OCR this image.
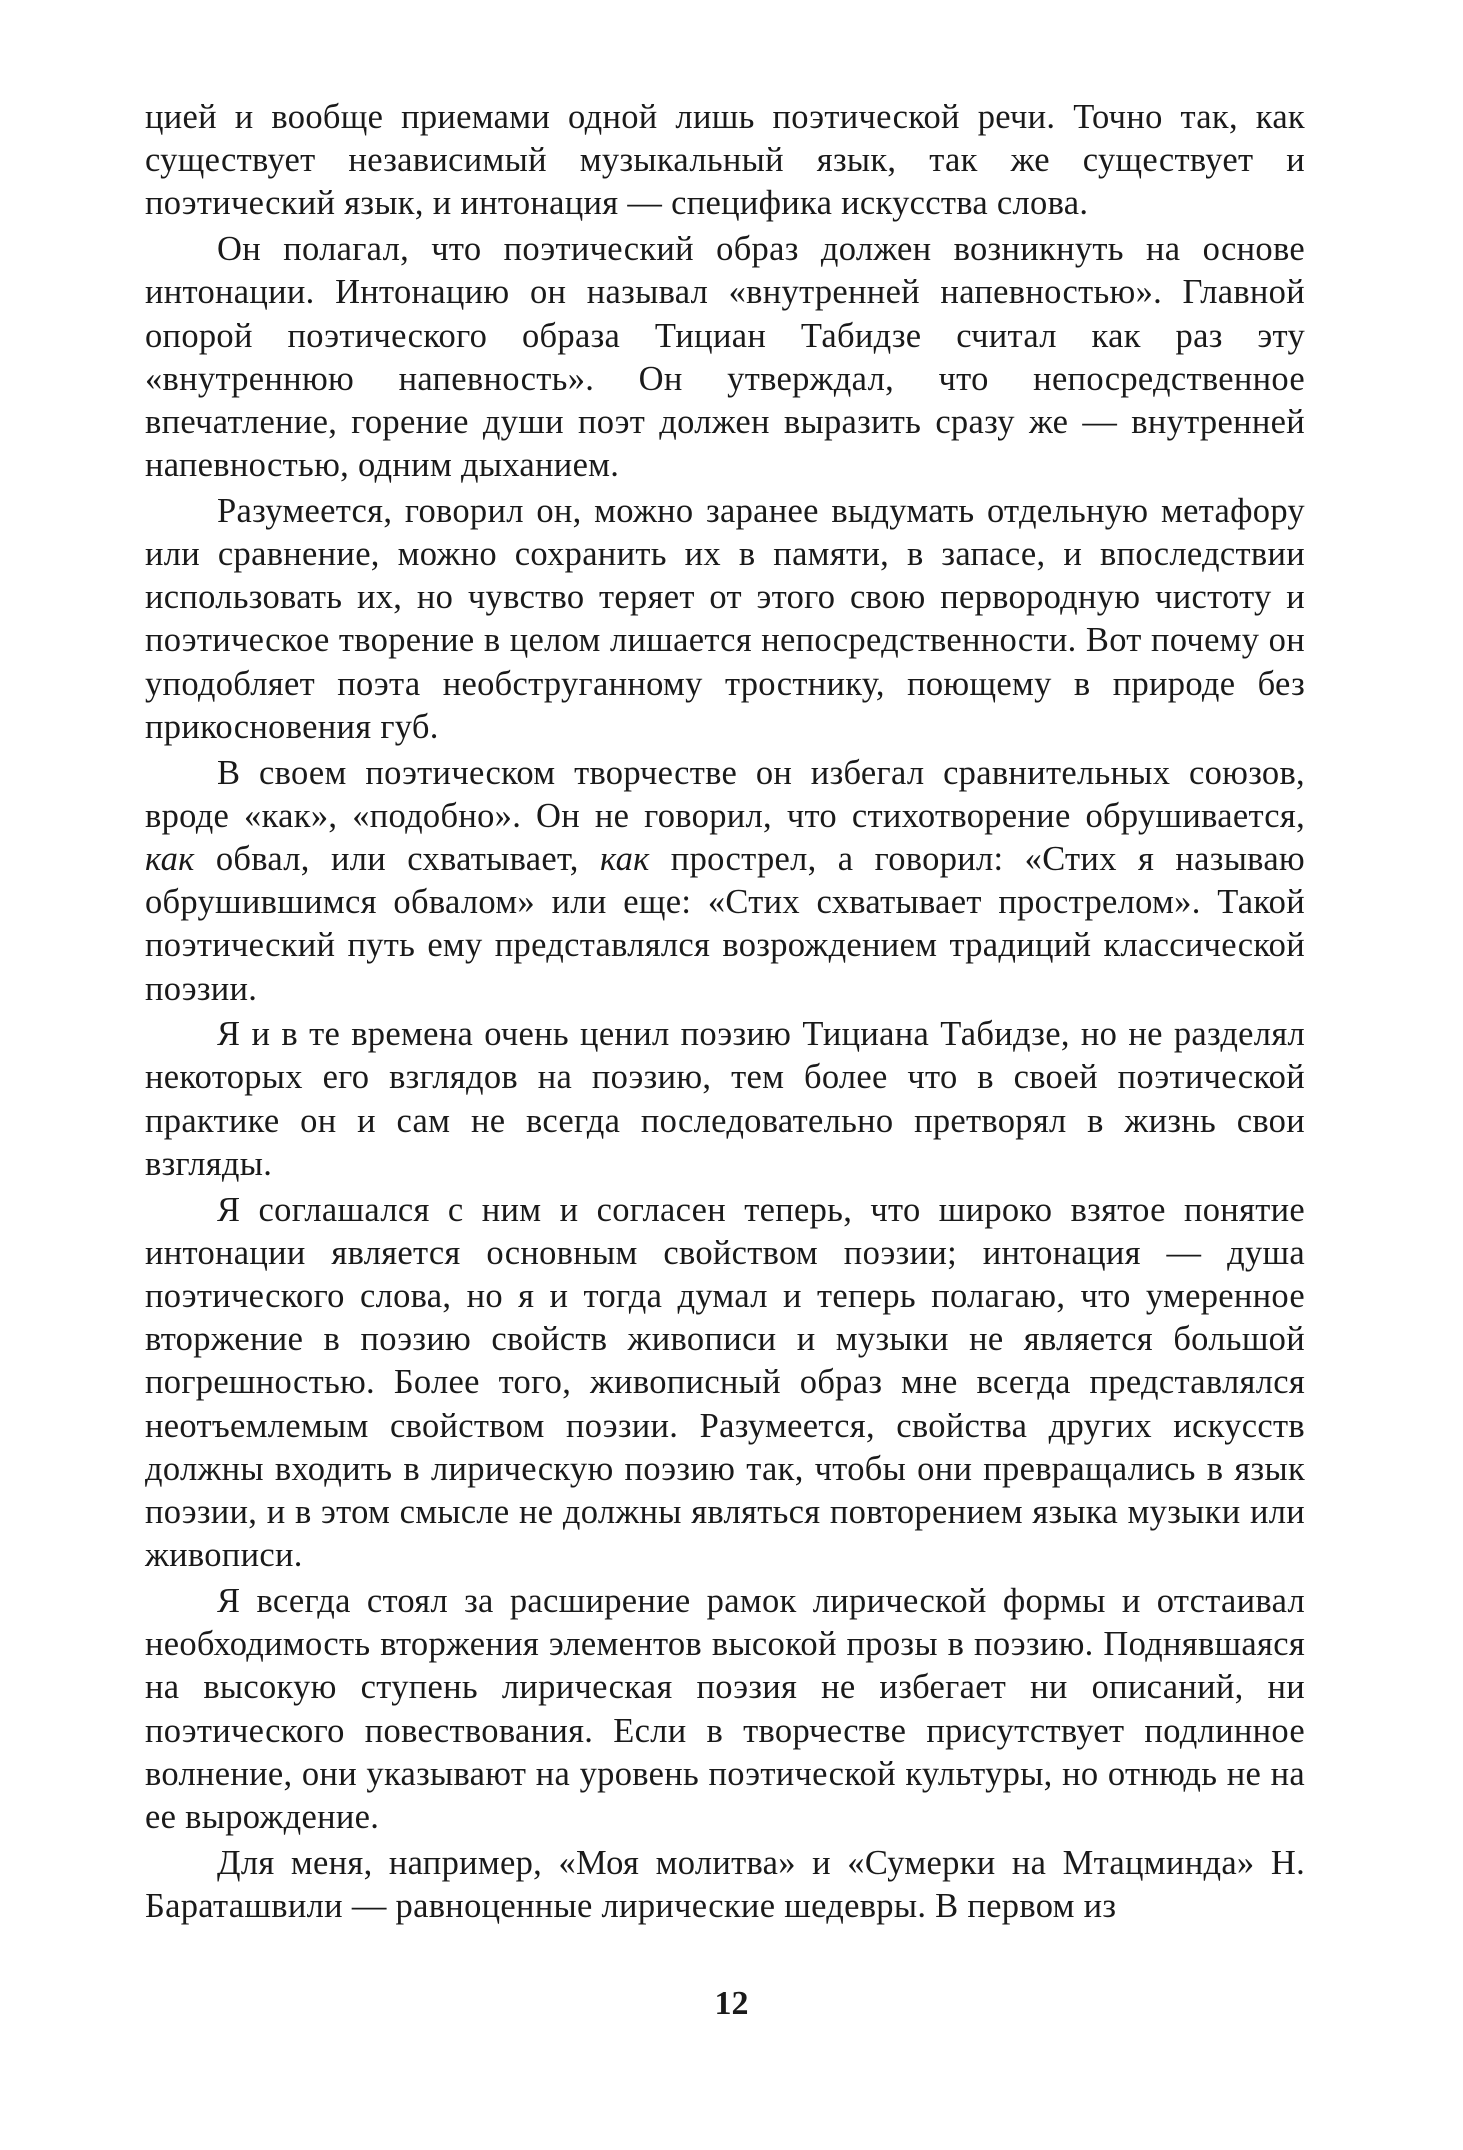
цией и вообще приемами одной лишь поэтической речи. Точно так, как существует независимый музыкальный язык, так же существует и поэтический язык, и интонация — специфика искусства слова.

Он полагал, что поэтический образ должен возникнуть на основе интонации. Интонацию он называл «внутренней напевностью». Главной опорой поэтического образа Тициан Табидзе считал как раз эту «внутреннюю напевность». Он утверждал, что непосредственное впечатление, горение души поэт должен выразить сразу же — внутренней напевностью, одним дыханием.

Разумеется, говорил он, можно заранее выдумать отдельную метафору или сравнение, можно сохранить их в памяти, в запасе, и впоследствии использовать их, но чувство теряет от этого свою первородную чистоту и поэтическое творение в целом лишается непосредственности. Вот почему он уподобляет поэта необструганному тростнику, поющему в природе без прикосновения губ.

В своем поэтическом творчестве он избегал сравнительных союзов, вроде «как», «подобно». Он не говорил, что стихотворение обрушивается, как обвал, или схватывает, как прострел, а говорил: «Стих я называю обрушившимся обвалом» или еще: «Стих схватывает прострелом». Такой поэтический путь ему представлялся возрождением традиций классической поэзии.

Я и в те времена очень ценил поэзию Тициана Табидзе, но не разделял некоторых его взглядов на поэзию, тем более что в своей поэтической практике он и сам не всегда последовательно претворял в жизнь свои взгляды.

Я соглашался с ним и согласен теперь, что широко взятое понятие интонации является основным свойством поэзии; интонация — душа поэтического слова, но я и тогда думал и теперь полагаю, что умеренное вторжение в поэзию свойств живописи и музыки не является большой погрешностью. Более того, живописный образ мне всегда представлялся неотъемлемым свойством поэзии. Разумеется, свойства других искусств должны входить в лирическую поэзию так, чтобы они превращались в язык поэзии, и в этом смысле не должны являться повторением языка музыки или живописи.

Я всегда стоял за расширение рамок лирической формы и отстаивал необходимость вторжения элементов высокой прозы в поэзию. Поднявшаяся на высокую ступень лирическая поэзия не избегает ни описаний, ни поэтического повествования. Если в творчестве присутствует подлинное волнение, они указывают на уровень поэтической культуры, но отнюдь не на ее вырождение.

Для меня, например, «Моя молитва» и «Сумерки на Мтацминда» Н. Бараташвили — равноценные лирические шедевры. В первом из

12
